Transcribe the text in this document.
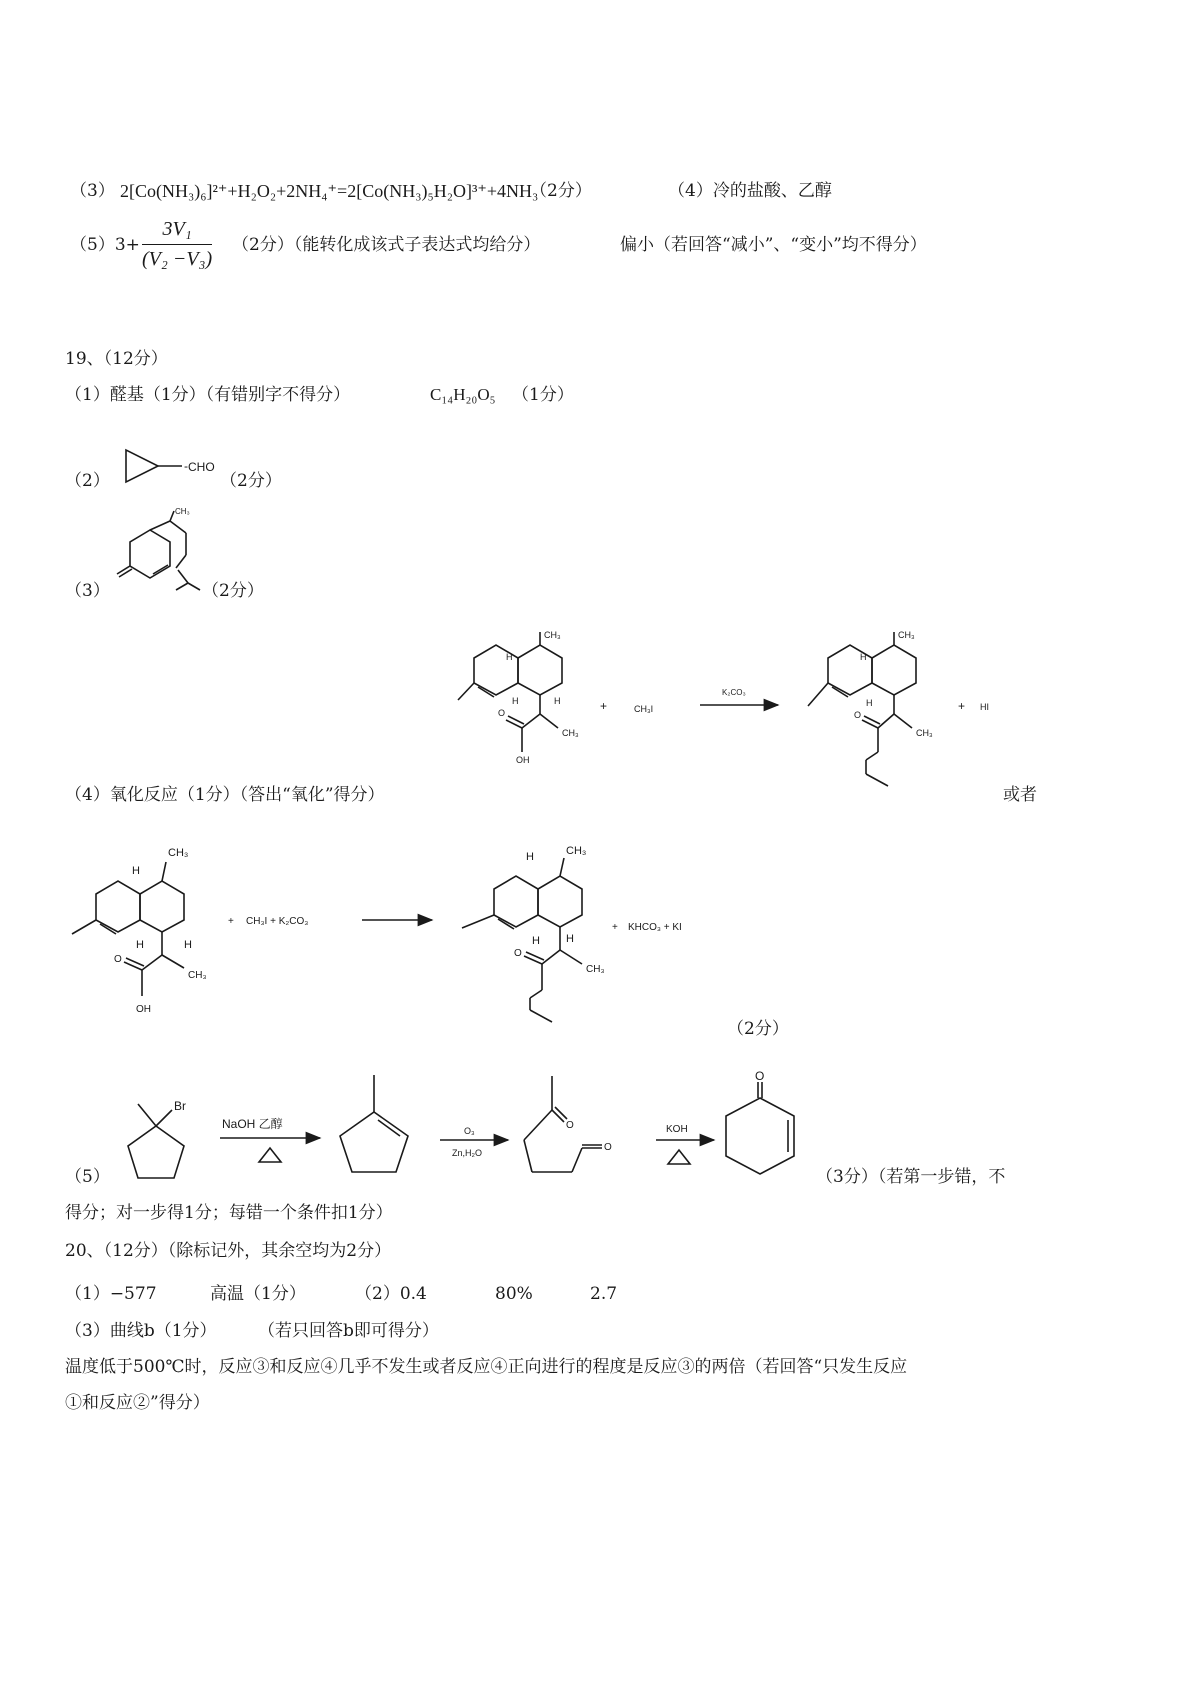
（3） 2[Co(NH₃)₆]²⁺+H₂O₂+2NH₄⁺=2[Co(NH₃)₅H₂O]³⁺+4NH₃
（2分）	（4）冷的盐酸、乙醇
$(5)3+ \frac{\text{3V₁}}{\text{(V₂ −V₃)}} (2$分）（能转化成该式子表达式均给分）	偏小（若回答“减小”、“变小”均不得分）
19、（12分）
（1）醛基（1分）（有错别字不得分）	C₁₄H₂₀O₅ （1分）
（2）	（2分）
（3）	（2分）
（4）氧化反应（1分）（答出“氧化”得分）	或者
（2分）
（5）	（3分）（若第一步错，不
得分；对一步得1分；每错一个条件扣1分）
20、（12分）（除标记外，其余空均为2分）
（1）−577	高温（1分）	（2）0.4	80%	2.7
（3）曲线b（1分） （若只回答b即可得分）
温度低于500℃时，反应③和反应④几乎不发生或者反应④正向进行的程度是反应③的两倍（若回答“只发生反应
①和反应②”得分）
- CHO
CH₃
CH₃
H
H	H
CH₃
O
OH
+	CH₃I
K₂CO₃
CH₃
H
H
CH₃
O
+ HI
CH₃
H
H	H
CH₃
O
OH
+ CH₃I + K₂CO₃
CH₃
H
H H
CH₃
O
+ KHCO₃ + KI
Br
NaOH 乙醇	O₃
Zn,H₂O
O
O
KOH
O
